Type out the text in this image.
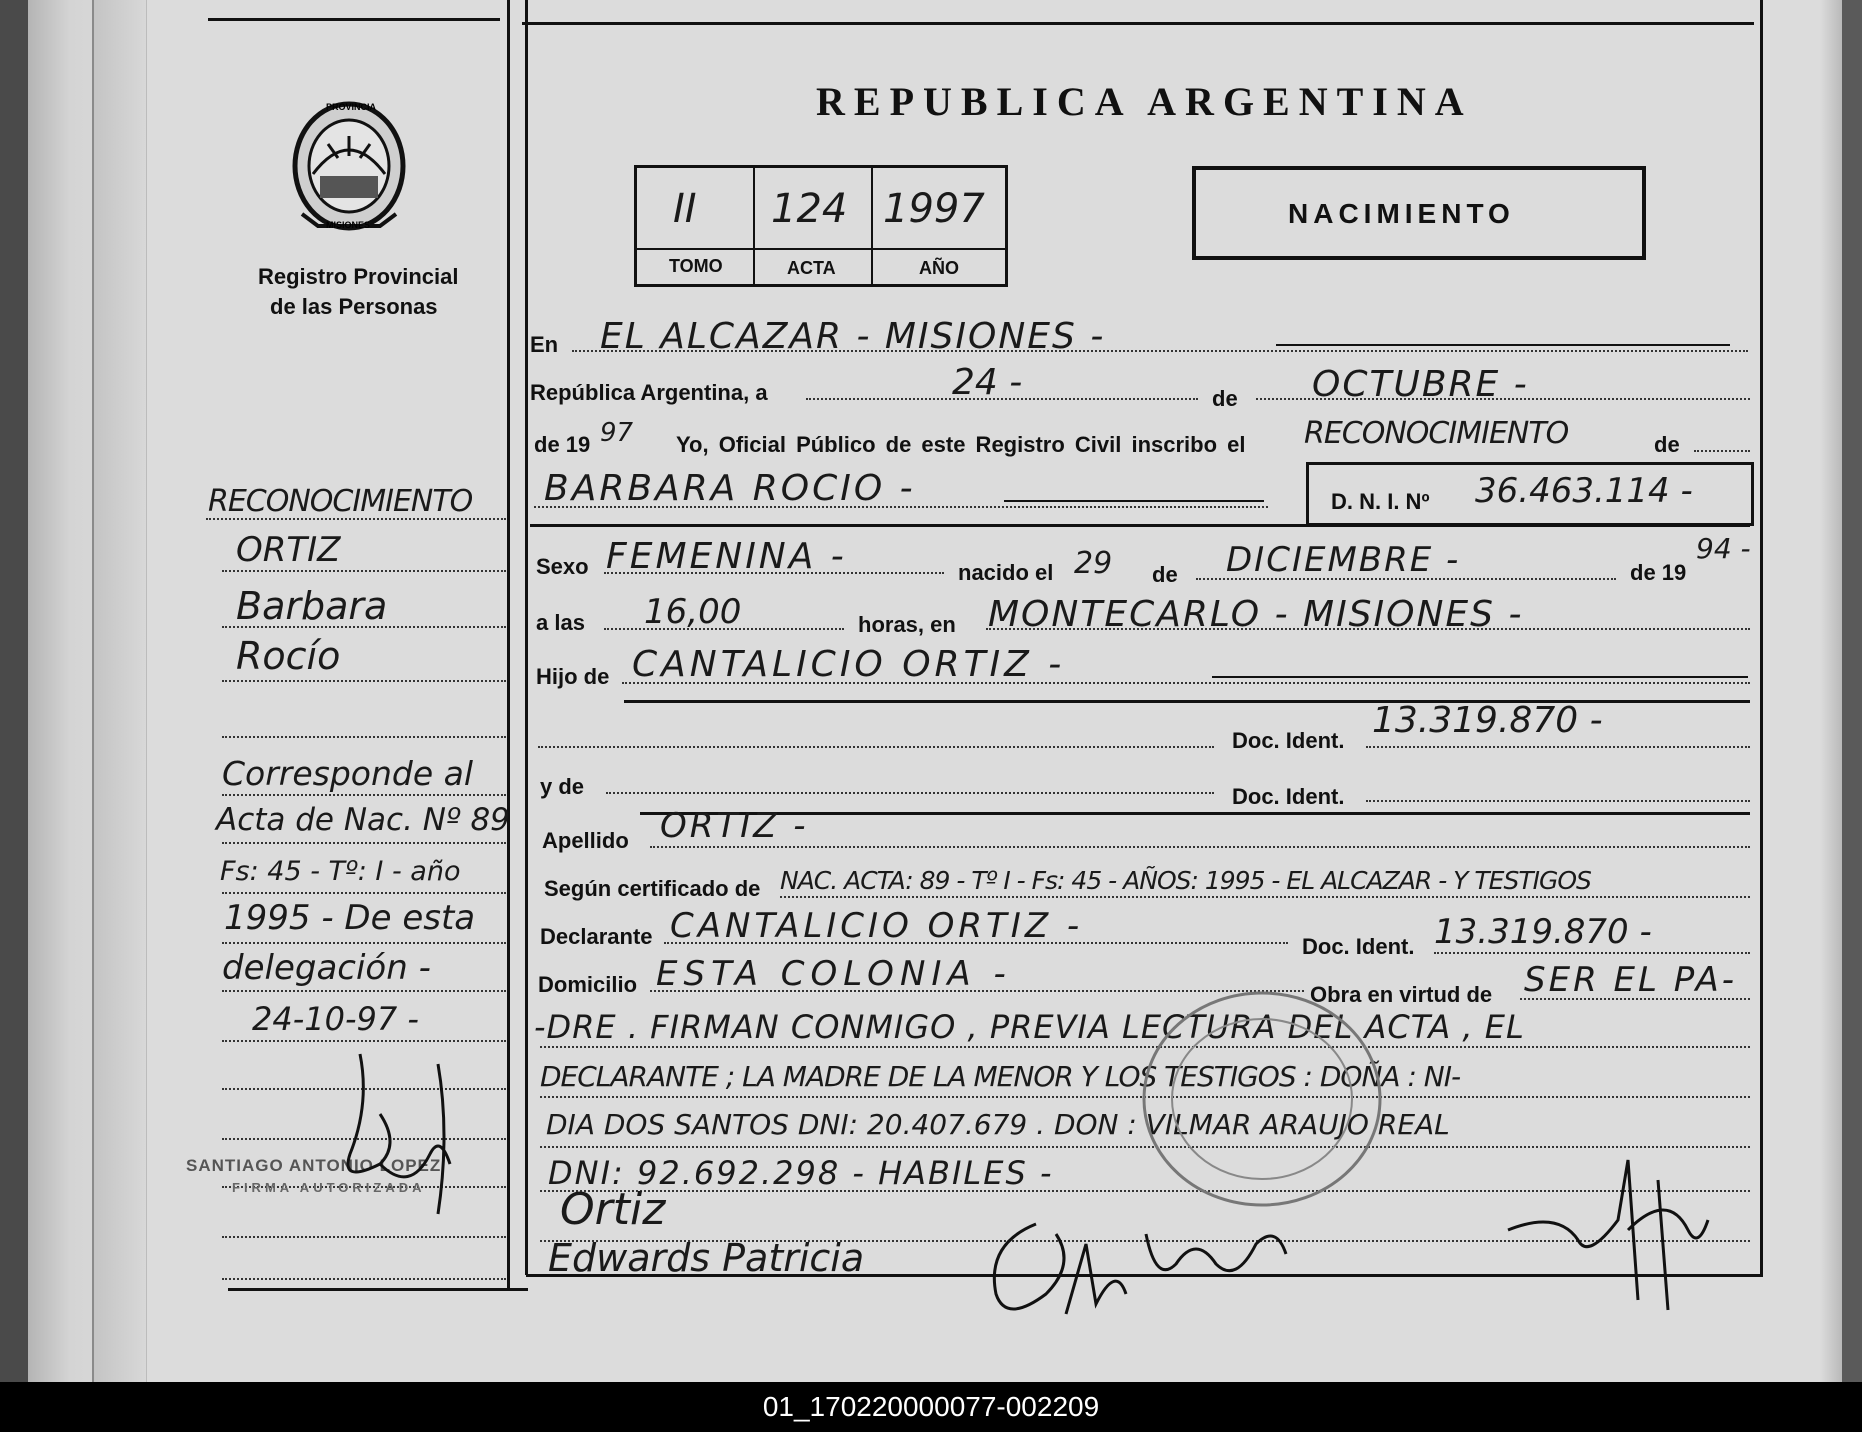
PROVINCIA
MISIONES
Registro Provincial
de las Personas
REPUBLICA ARGENTINA
II 124 1997
TOMO	ACTA	AÑO
NACIMIENTO
RECONOCIMIENTO
ORTIZ
Barbara
Rocío
Corresponde al
Acta de Nac. Nº 89
Fs: 45 - Tº: I - año
1995 - De esta
delegación -
24-10-97 -
SANTIAGO ANTONIO LOPEZ
FIRMA AUTORIZADA
En EL ALCAZAR - MISIONES -
República Argentina, a	24 -	de OCTUBRE -
de 19 97 Yo, Oficial Público de este Registro Civil inscribo el RECONOCIMIENTO	de
BARBARA ROCIO -	D. N. I. Nº 36.463.114 -
Sexo FEMENINA -	nacido el 29 de DICIEMBRE -	de 19
94 -
a las 16,00	horas, en MONTECARLO - MISIONES -
Hijo de CANTALICIO ORTIZ -
Doc. Ident. 13.319.870 -
y de	Doc. Ident.
Apellido ORTIZ -
Según certificado de NAC. ACTA: 89 - Tº I - Fs: 45 - AÑOS: 1995 - EL ALCAZAR - Y TESTIGOS
Declarante CANTALICIO ORTIZ -
Doc. Ident. 13.319.870 -
Domicilio ESTA COLONIA -
Obra en virtud de SER EL PA-
-DRE . FIRMAN CONMIGO , PREVIA LECTURA DEL ACTA , EL
DECLARANTE ; LA MADRE DE LA MENOR Y LOS TESTIGOS : DOÑA : NI-
DIA DOS SANTOS DNI: 20.407.679 . DON : VILMAR ARAUJO REAL
DNI: 92.692.298 - HABILES -
Ortiz
Edwards Patricia
01_170220000077-002209
